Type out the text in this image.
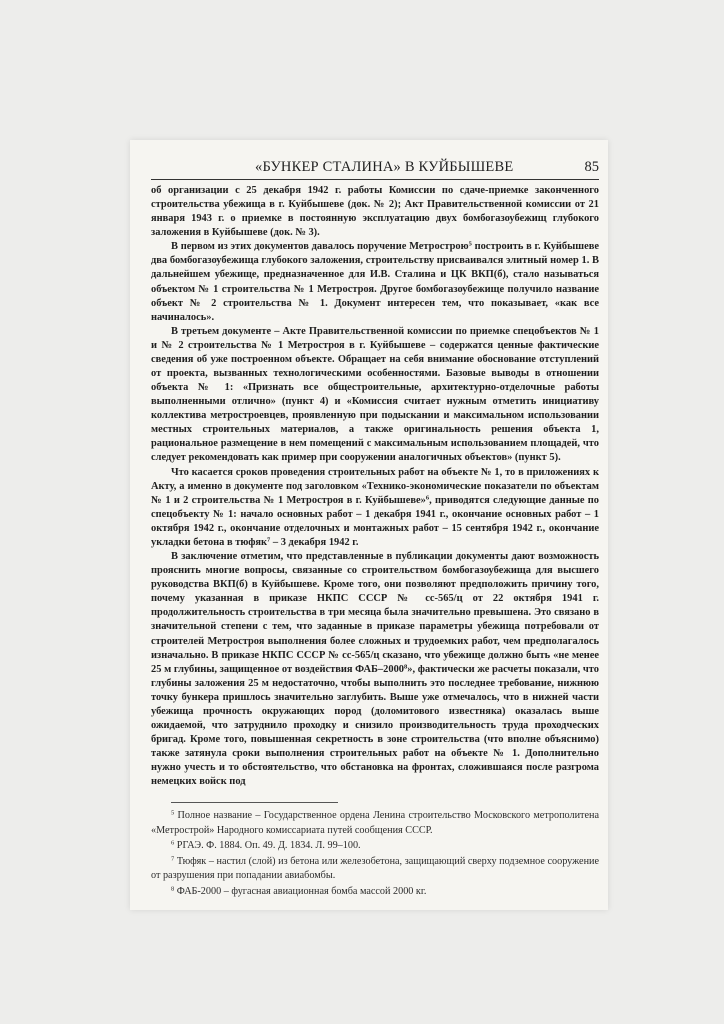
«БУНКЕР СТАЛИНА» В КУЙБЫШЕВЕ	85

об организации с 25 декабря 1942 г. работы Комиссии по сдаче-приемке законченного строительства убежища в г. Куйбышеве (док. № 2); Акт Правительственной комиссии от 21 января 1943 г. о приемке в постоянную эксплуатацию двух бомбогазоубежищ глубокого заложения в Куйбышеве (док. № 3).

В первом из этих документов давалось поручение Метрострою$^5$ построить в г. Куйбышеве два бомбогазоубежища глубокого заложения, строительству присваивался элитный номер 1. В дальнейшем убежище, предназначенное для И.В. Сталина и ЦК ВКП(б), стало называться объектом № 1 строительства № 1 Метростроя. Другое бомбогазоубежище получило название объект № 2 строительства № 1. Документ интересен тем, что показывает, «как все начиналось».

В третьем документе – Акте Правительственной комиссии по приемке спецобъектов № 1 и № 2 строительства № 1 Метростроя в г. Куйбышеве – содержатся ценные фактические сведения об уже построенном объекте. Обращает на себя внимание обоснование отступлений от проекта, вызванных технологическими особенностями. Базовые выводы в отношении объекта № 1: «Признать все общестроительные, архитектурно-отделочные работы выполненными отлично» (пункт 4) и «Комиссия считает нужным отметить инициативу коллектива метростроевцев, проявленную при подыскании и максимальном использовании местных строительных материалов, а также оригинальность решения объекта 1, рациональное размещение в нем помещений с максимальным использованием площадей, что следует рекомендовать как пример при сооружении аналогичных объектов» (пункт 5).

Что касается сроков проведения строительных работ на объекте № 1, то в приложениях к Акту, а именно в документе под заголовком «Технико-экономические показатели по объектам № 1 и 2 строительства № 1 Метростроя в г. Куйбышеве»$^6$, приводятся следующие данные по спецобъекту № 1: начало основных работ – 1 декабря 1941 г., окончание основных работ – 1 октября 1942 г., окончание отделочных и монтажных работ – 15 сентября 1942 г., окончание укладки бетона в тюфяк$^7$ – 3 декабря 1942 г.

В заключение отметим, что представленные в публикации документы дают возможность прояснить многие вопросы, связанные со строительством бомбогазоубежища для высшего руководства ВКП(б) в Куйбышеве. Кроме того, они позволяют предположить причину того, почему указанная в приказе НКПС СССР № сс-565/ц от 22 октября 1941 г. продолжительность строительства в три месяца была значительно превышена. Это связано в значительной степени с тем, что заданные в приказе параметры убежища потребовали от строителей Метростроя выполнения более сложных и трудоемких работ, чем предполагалось изначально. В приказе НКПС СССР № сс-565/ц сказано, что убежище должно быть «не менее 25 м глубины, защищенное от воздействия ФАБ–2000$^8$», фактически же расчеты показали, что глубины заложения 25 м недостаточно, чтобы выполнить это последнее требование, нижнюю точку бункера пришлось значительно заглубить. Выше уже отмечалось, что в нижней части убежища прочность окружающих пород (доломитового известняка) оказалась выше ожидаемой, что затруднило проходку и снизило производительность труда проходческих бригад. Кроме того, повышенная секретность в зоне строительства (что вполне объяснимо) также затянула сроки выполнения строительных работ на объекте № 1. Дополнительно нужно учесть и то обстоятельство, что обстановка на фронтах, сложившаяся после разгрома немецких войск под

$^5$ Полное название – Государственное ордена Ленина строительство Московского метрополитена «Метрострой» Народного комиссариата путей сообщения СССР.

$^6$ РГАЭ. Ф. 1884. Оп. 49. Д. 1834. Л. 99–100.

$^7$ Тюфяк – настил (слой) из бетона или железобетона, защищающий сверху подземное сооружение от разрушения при попадании авиабомбы.

$^8$ ФАБ-2000 – фугасная авиационная бомба массой 2000 кг.
